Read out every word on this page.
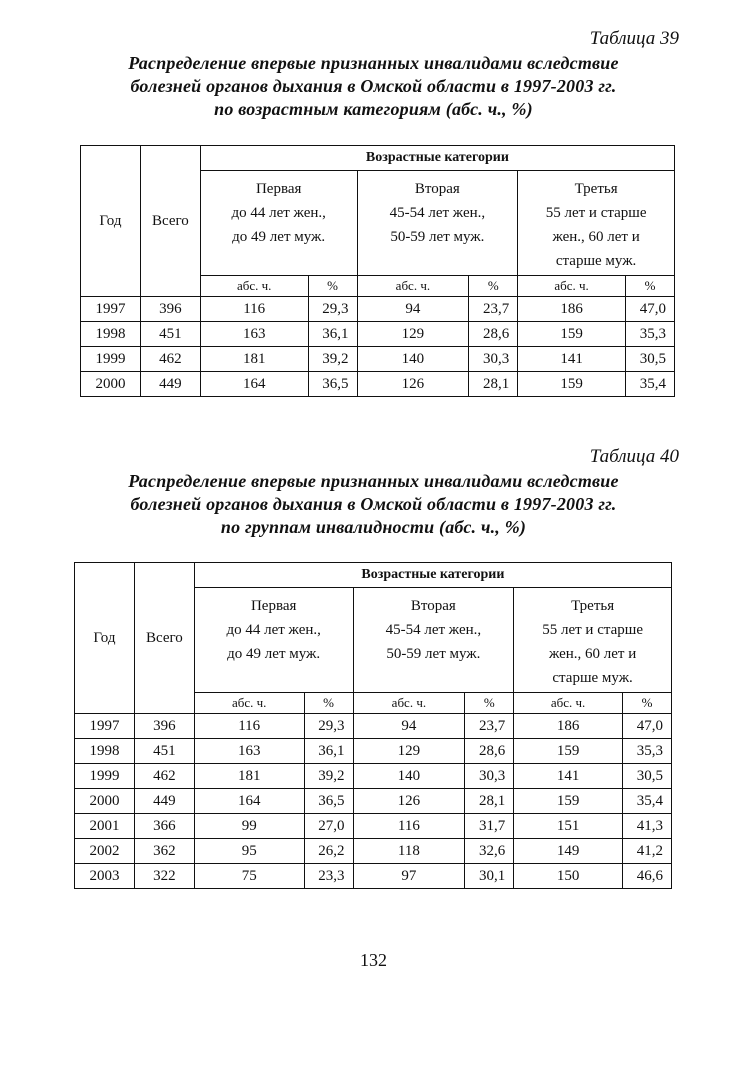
Таблица 39

Распределение впервые признанных инвалидами вследствие
болезней органов дыхания в Омской области в 1997-2003 гг.
по возрастным категориям (абс. ч., %)

Год	Всего	Возрастные категории					
		Первая
до 44 лет жен.,
до 49 лет муж.		Вторая
45-54 лет жен.,
50-59 лет муж.		Третья
55 лет и старше
жен., 60 лет и
старше муж.	
		абс. ч.	%	абс. ч.	%	абс. ч.	%
1997	396	116	29,3	94	23,7	186	47,0
1998	451	163	36,1	129	28,6	159	35,3
1999	462	181	39,2	140	30,3	141	30,5
2000	449	164	36,5	126	28,1	159	35,4

Таблица 40

Распределение впервые признанных инвалидами вследствие
болезней органов дыхания в Омской области в 1997-2003 гг.
по группам инвалидности (абс. ч., %)

Год	Всего	Возрастные категории					
		Первая
до 44 лет жен.,
до 49 лет муж.		Вторая
45-54 лет жен.,
50-59 лет муж.		Третья
55 лет и старше
жен., 60 лет и
старше муж.	
		абс. ч.	%	абс. ч.	%	абс. ч.	%
1997	396	116	29,3	94	23,7	186	47,0
1998	451	163	36,1	129	28,6	159	35,3
1999	462	181	39,2	140	30,3	141	30,5
2000	449	164	36,5	126	28,1	159	35,4
2001	366	99	27,0	116	31,7	151	41,3
2002	362	95	26,2	118	32,6	149	41,2
2003	322	75	23,3	97	30,1	150	46,6
132
